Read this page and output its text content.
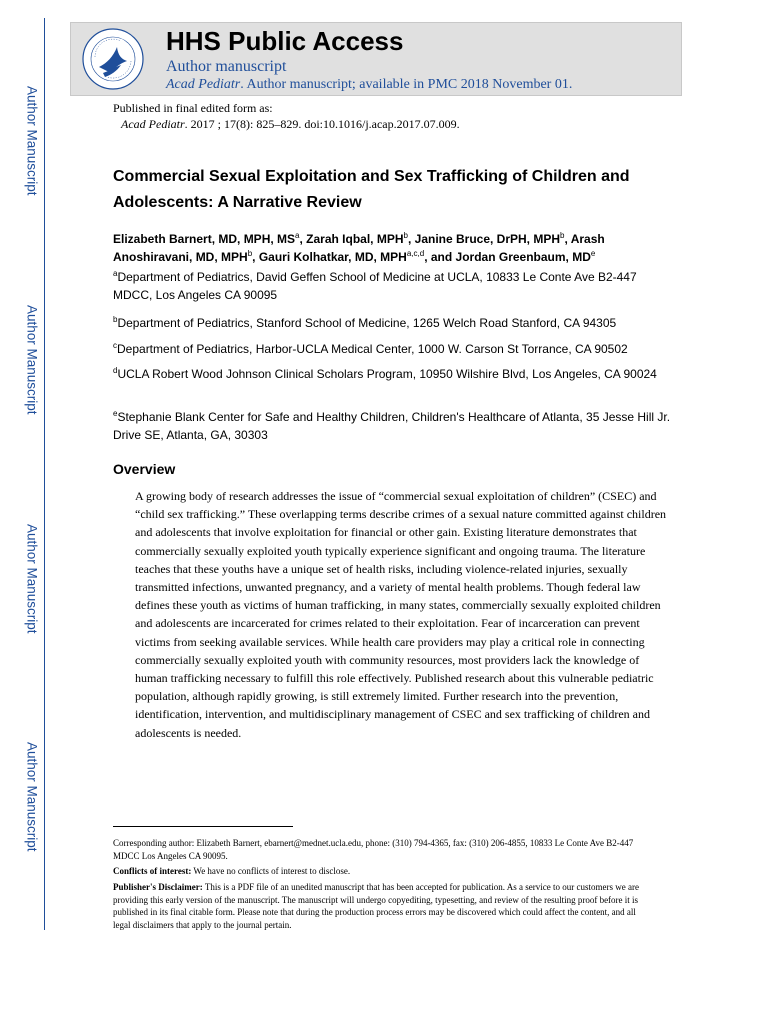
Author Manuscript
Author Manuscript
Author Manuscript
Author Manuscript
HHS Public Access
Author manuscript
Acad Pediatr. Author manuscript; available in PMC 2018 November 01.
Published in final edited form as:
Acad Pediatr. 2017 ; 17(8): 825–829. doi:10.1016/j.acap.2017.07.009.
Commercial Sexual Exploitation and Sex Trafficking of Children and Adolescents: A Narrative Review
Elizabeth Barnert, MD, MPH, $MS^a$, Zarah Iqbal, MPH$^b$, Janine Bruce, DrPH, MPH$^b$, Arash Anoshiravani, MD, MPH$^b$, Gauri Kolhatkar, MD, MPH$^{a,c,d}$, and Jordan Greenbaum, MDe
$^a$Department of Pediatrics, David Geffen School of Medicine at UCLA, 10833 Le Conte Ave B2-447 MDCC, Los Angeles CA 90095
$^b$Department of Pediatrics, Stanford School of Medicine, 1265 Welch Road Stanford, CA 94305
$^c$Department of Pediatrics, Harbor-UCLA Medical Center, 1000 W. Carson St Torrance, CA 90502
$^d$UCLA Robert Wood Johnson Clinical Scholars Program, 10950 Wilshire Blvd, Los Angeles, CA 90024
$^e$Stephanie Blank Center for Safe and Healthy Children, Children's Healthcare of Atlanta, 35 Jesse Hill Jr. Drive SE, Atlanta, GA, 30303
Overview
A growing body of research addresses the issue of “commercial sexual exploitation of children” (CSEC) and “child sex trafficking.” These overlapping terms describe crimes of a sexual nature committed against children and adolescents that involve exploitation for financial or other gain. Existing literature demonstrates that commercially sexually exploited youth typically experience significant and ongoing trauma. The literature teaches that these youths have a unique set of health risks, including violence-related injuries, sexually transmitted infections, unwanted pregnancy, and a variety of mental health problems. Though federal law defines these youth as victims of human trafficking, in many states, commercially sexually exploited children and adolescents are incarcerated for crimes related to their exploitation. Fear of incarceration can prevent victims from seeking available services. While health care providers may play a critical role in connecting commercially sexually exploited youth with community resources, most providers lack the knowledge of human trafficking necessary to fulfill this role effectively. Published research about this vulnerable pediatric population, although rapidly growing, is still extremely limited. Further research into the prevention, identification, intervention, and multidisciplinary management of CSEC and sex trafficking of children and adolescents is needed.
Corresponding author: Elizabeth Barnert, ebarnert@mednet.ucla.edu, phone: (310) 794-4365, fax: (310) 206-4855, 10833 Le Conte Ave B2-447 MDCC Los Angeles CA 90095.
Conflicts of interest: We have no conflicts of interest to disclose.
Publisher's Disclaimer: This is a PDF file of an unedited manuscript that has been accepted for publication. As a service to our customers we are providing this early version of the manuscript. The manuscript will undergo copyediting, typesetting, and review of the resulting proof before it is published in its final citable form. Please note that during the production process errors may be discovered which could affect the content, and all legal disclaimers that apply to the journal pertain.
